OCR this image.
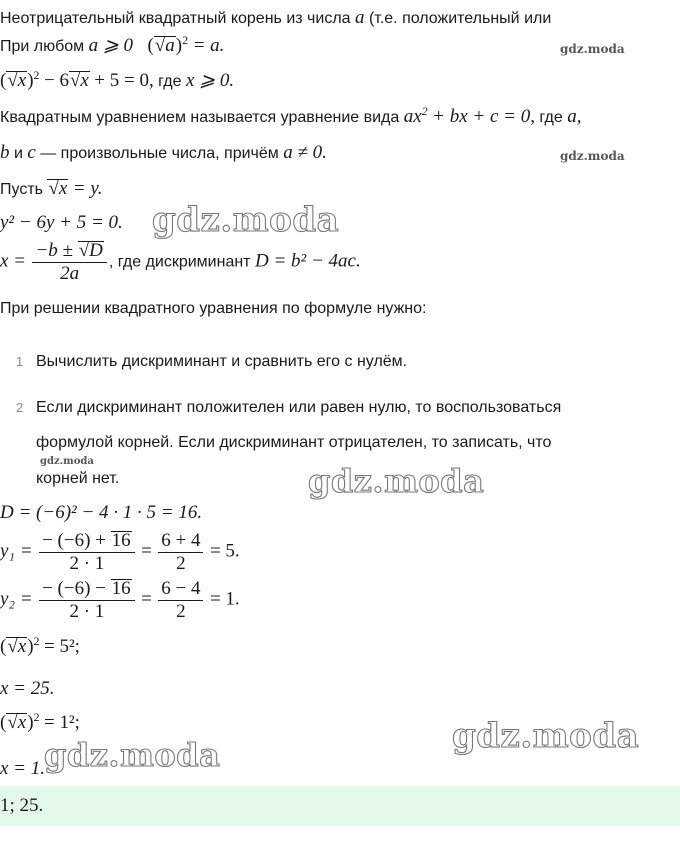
Неотрицательный квадратный корень из числа a (т.е. положительный или
При любом a ⩾ 0 $(√a)^2 = a$.
$(√x)^2 - 6√x + 5 = 0$, где x ⩾ 0.
Квадратным уравнением называется уравнение вида $ax^2$ + bx + c = 0, где a,
b и c — произвольные числа, причём a ≠ 0.
Пусть √x = y.
y² − 6y + 5 = 0.
$x = \frac{-b \pm √D}{2a}$ , где дискриминант D = b² − 4ac.
При решении квадратного уравнения по формуле нужно:
1 Вычислить дискриминант и сравнить его с нулём.
2 Если дискриминант положителен или равен нулю, то воспользоваться
формулой корней. Если дискриминант отрицателен, то записать, что
корней нет.
D = (−6)² − 4 · 1 · 5 = 16.
$y_1 = \frac{- (-6) + 16}{2 \cdot 1} = \frac{6 + 4}{2} = 5$.
$y_2 = \frac{- (-6) - 16}{2 \cdot 1} = \frac{6 - 4}{2} = 1$.
$(√x)^2 = 5^2$;
x = 25.
$(√x)^2 = 1^2$;
x = 1.
1; 25.
gdz.moda
gdz.moda
gdz.moda
gdz.moda
gdz.moda
gdz.moda
gdz.moda
